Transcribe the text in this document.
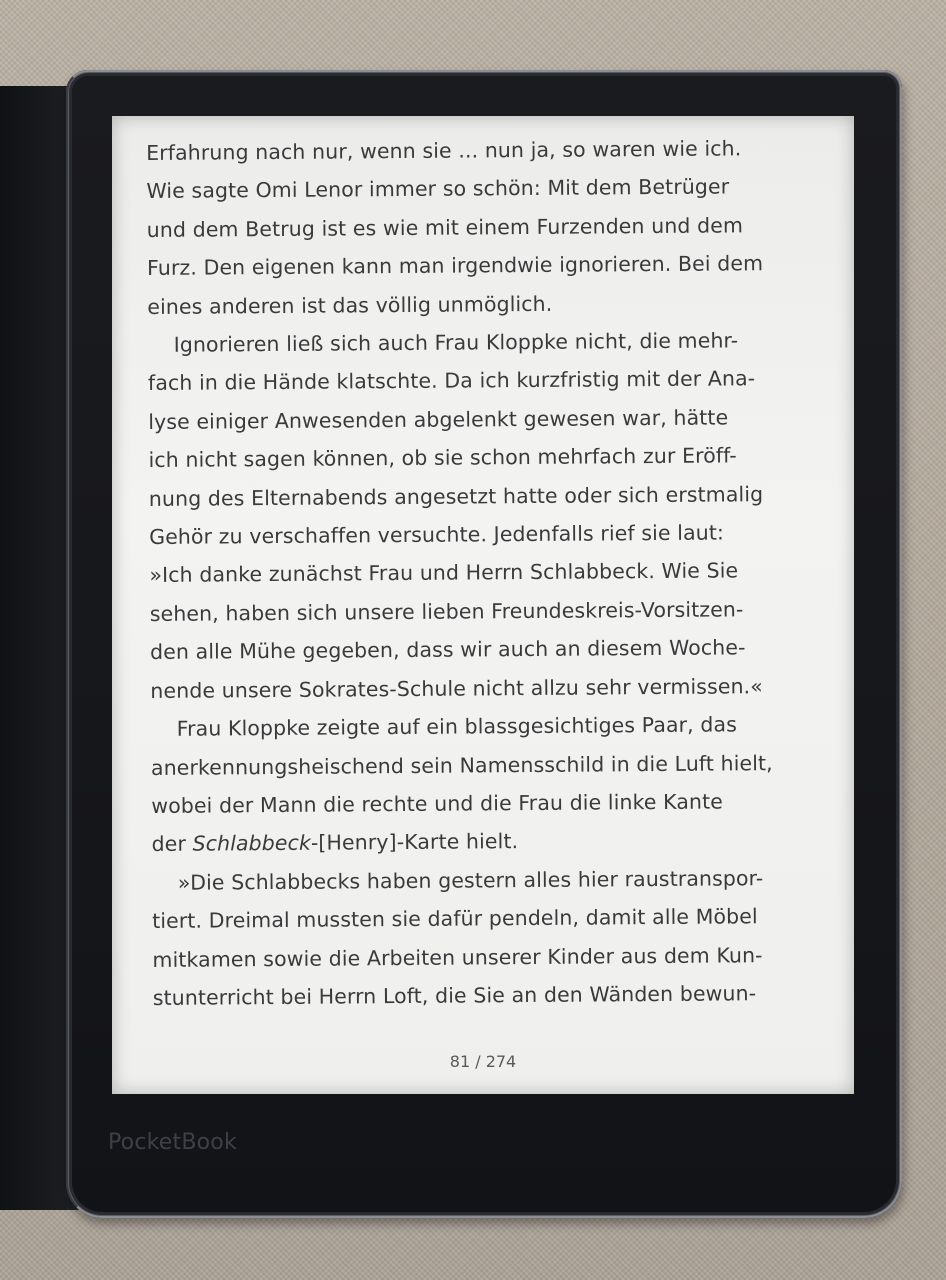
Erfahrung nach nur, wenn sie ... nun ja, so waren wie ich.
Wie sagte Omi Lenor immer so schön: Mit dem Betrüger
und dem Betrug ist es wie mit einem Furzenden und dem
Furz. Den eigenen kann man irgendwie ignorieren. Bei dem
eines anderen ist das völlig unmöglich.
Ignorieren ließ sich auch Frau Kloppke nicht, die mehr-
fach in die Hände klatschte. Da ich kurzfristig mit der Ana-
lyse einiger Anwesenden abgelenkt gewesen war, hätte
ich nicht sagen können, ob sie schon mehrfach zur Eröff-
nung des Elternabends angesetzt hatte oder sich erstmalig
Gehör zu verschaffen versuchte. Jedenfalls rief sie laut:
»Ich danke zunächst Frau und Herrn Schlabbeck. Wie Sie
sehen, haben sich unsere lieben Freundeskreis-Vorsitzen-
den alle Mühe gegeben, dass wir auch an diesem Woche-
nende unsere Sokrates-Schule nicht allzu sehr vermissen.«
Frau Kloppke zeigte auf ein blassgesichtiges Paar, das
anerkennungsheischend sein Namensschild in die Luft hielt,
wobei der Mann die rechte und die Frau die linke Kante
der Schlabbeck-[Henry]-Karte hielt.
»Die Schlabbecks haben gestern alles hier raustranspor-
tiert. Dreimal mussten sie dafür pendeln, damit alle Möbel
mitkamen sowie die Arbeiten unserer Kinder aus dem Kun-
stunterricht bei Herrn Loft, die Sie an den Wänden bewun-
81 / 274
PocketBook
